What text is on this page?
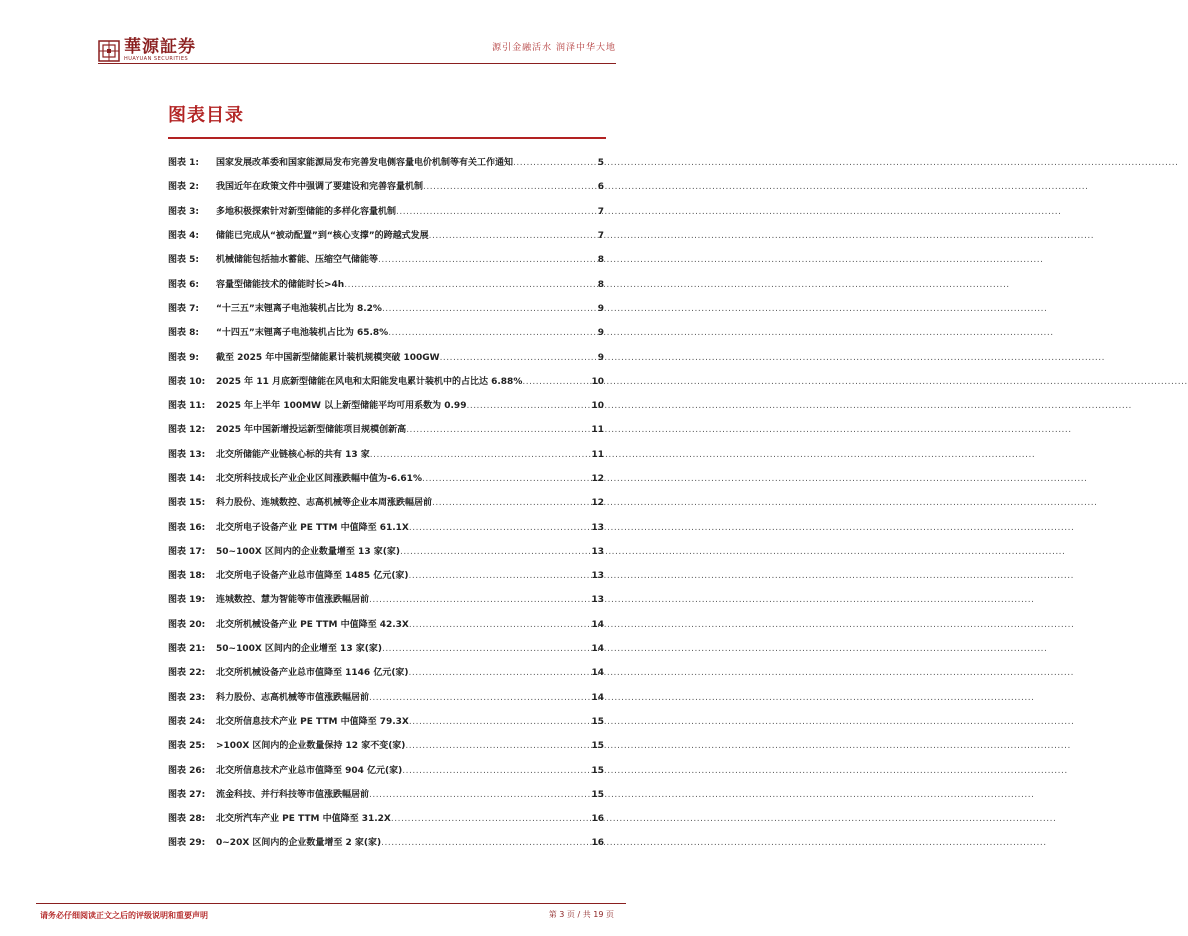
華源証券
HUAYUAN SECURITIES
源引金融活水 润泽中华大地
图表目录
图表 1:	国家发展改革委和国家能源局发布完善发电侧容量电价机制等有关工作通知 .....	5
图表 2:	我国近年在政策文件中强调了要建设和完善容量机制 .....	6
图表 3:	多地积极探索针对新型储能的多样化容量机制 .....	7
图表 4:	储能已完成从“被动配置”到“核心支撑”的跨越式发展 .....	7
图表 5:	机械储能包括抽水蓄能、压缩空气储能等 .....	8
图表 6:	容量型储能技术的储能时长>4h .....	8
图表 7:	“十三五”末锂离子电池装机占比为 8.2% .....	9
图表 8:	“十四五”末锂离子电池装机占比为 65.8% .....	9
图表 9:	截至 2025 年中国新型储能累计装机规模突破 100GW .....	9
图表 10:	2025 年 11 月底新型储能在风电和太阳能发电累计装机中的占比达 6.88% .....	10
图表 11:	2025 年上半年 100MW 以上新型储能平均可用系数为 0.99 .....	10
图表 12:	2025 年中国新增投运新型储能项目规模创新高 .....	11
图表 13:	北交所储能产业链核心标的共有 13 家 .....	11
图表 14:	北交所科技成长产业企业区间涨跌幅中值为-6.61% .....	12
图表 15:	科力股份、连城数控、志高机械等企业本周涨跌幅居前 .....	12
图表 16:	北交所电子设备产业 PE TTM 中值降至 61.1X .....	13
图表 17:	50~100X 区间内的企业数量增至 13 家(家) .....	13
图表 18:	北交所电子设备产业总市值降至 1485 亿元(家) .....	13
图表 19:	连城数控、慧为智能等市值涨跌幅居前 .....	13
图表 20:	北交所机械设备产业 PE TTM 中值降至 42.3X .....	14
图表 21:	50~100X 区间内的企业增至 13 家(家) .....	14
图表 22:	北交所机械设备产业总市值降至 1146 亿元(家) .....	14
图表 23:	科力股份、志高机械等市值涨跌幅居前 .....	14
图表 24:	北交所信息技术产业 PE TTM 中值降至 79.3X .....	15
图表 25:	>100X 区间内的企业数量保持 12 家不变(家) .....	15
图表 26:	北交所信息技术产业总市值降至 904 亿元(家) .....	15
图表 27:	流金科技、并行科技等市值涨跌幅居前 .....	15
图表 28:	北交所汽车产业 PE TTM 中值降至 31.2X .....	16
图表 29:	0~20X 区间内的企业数量增至 2 家(家) .....	16
请务必仔细阅读正文之后的评级说明和重要声明	第 3 页 / 共 19 页
